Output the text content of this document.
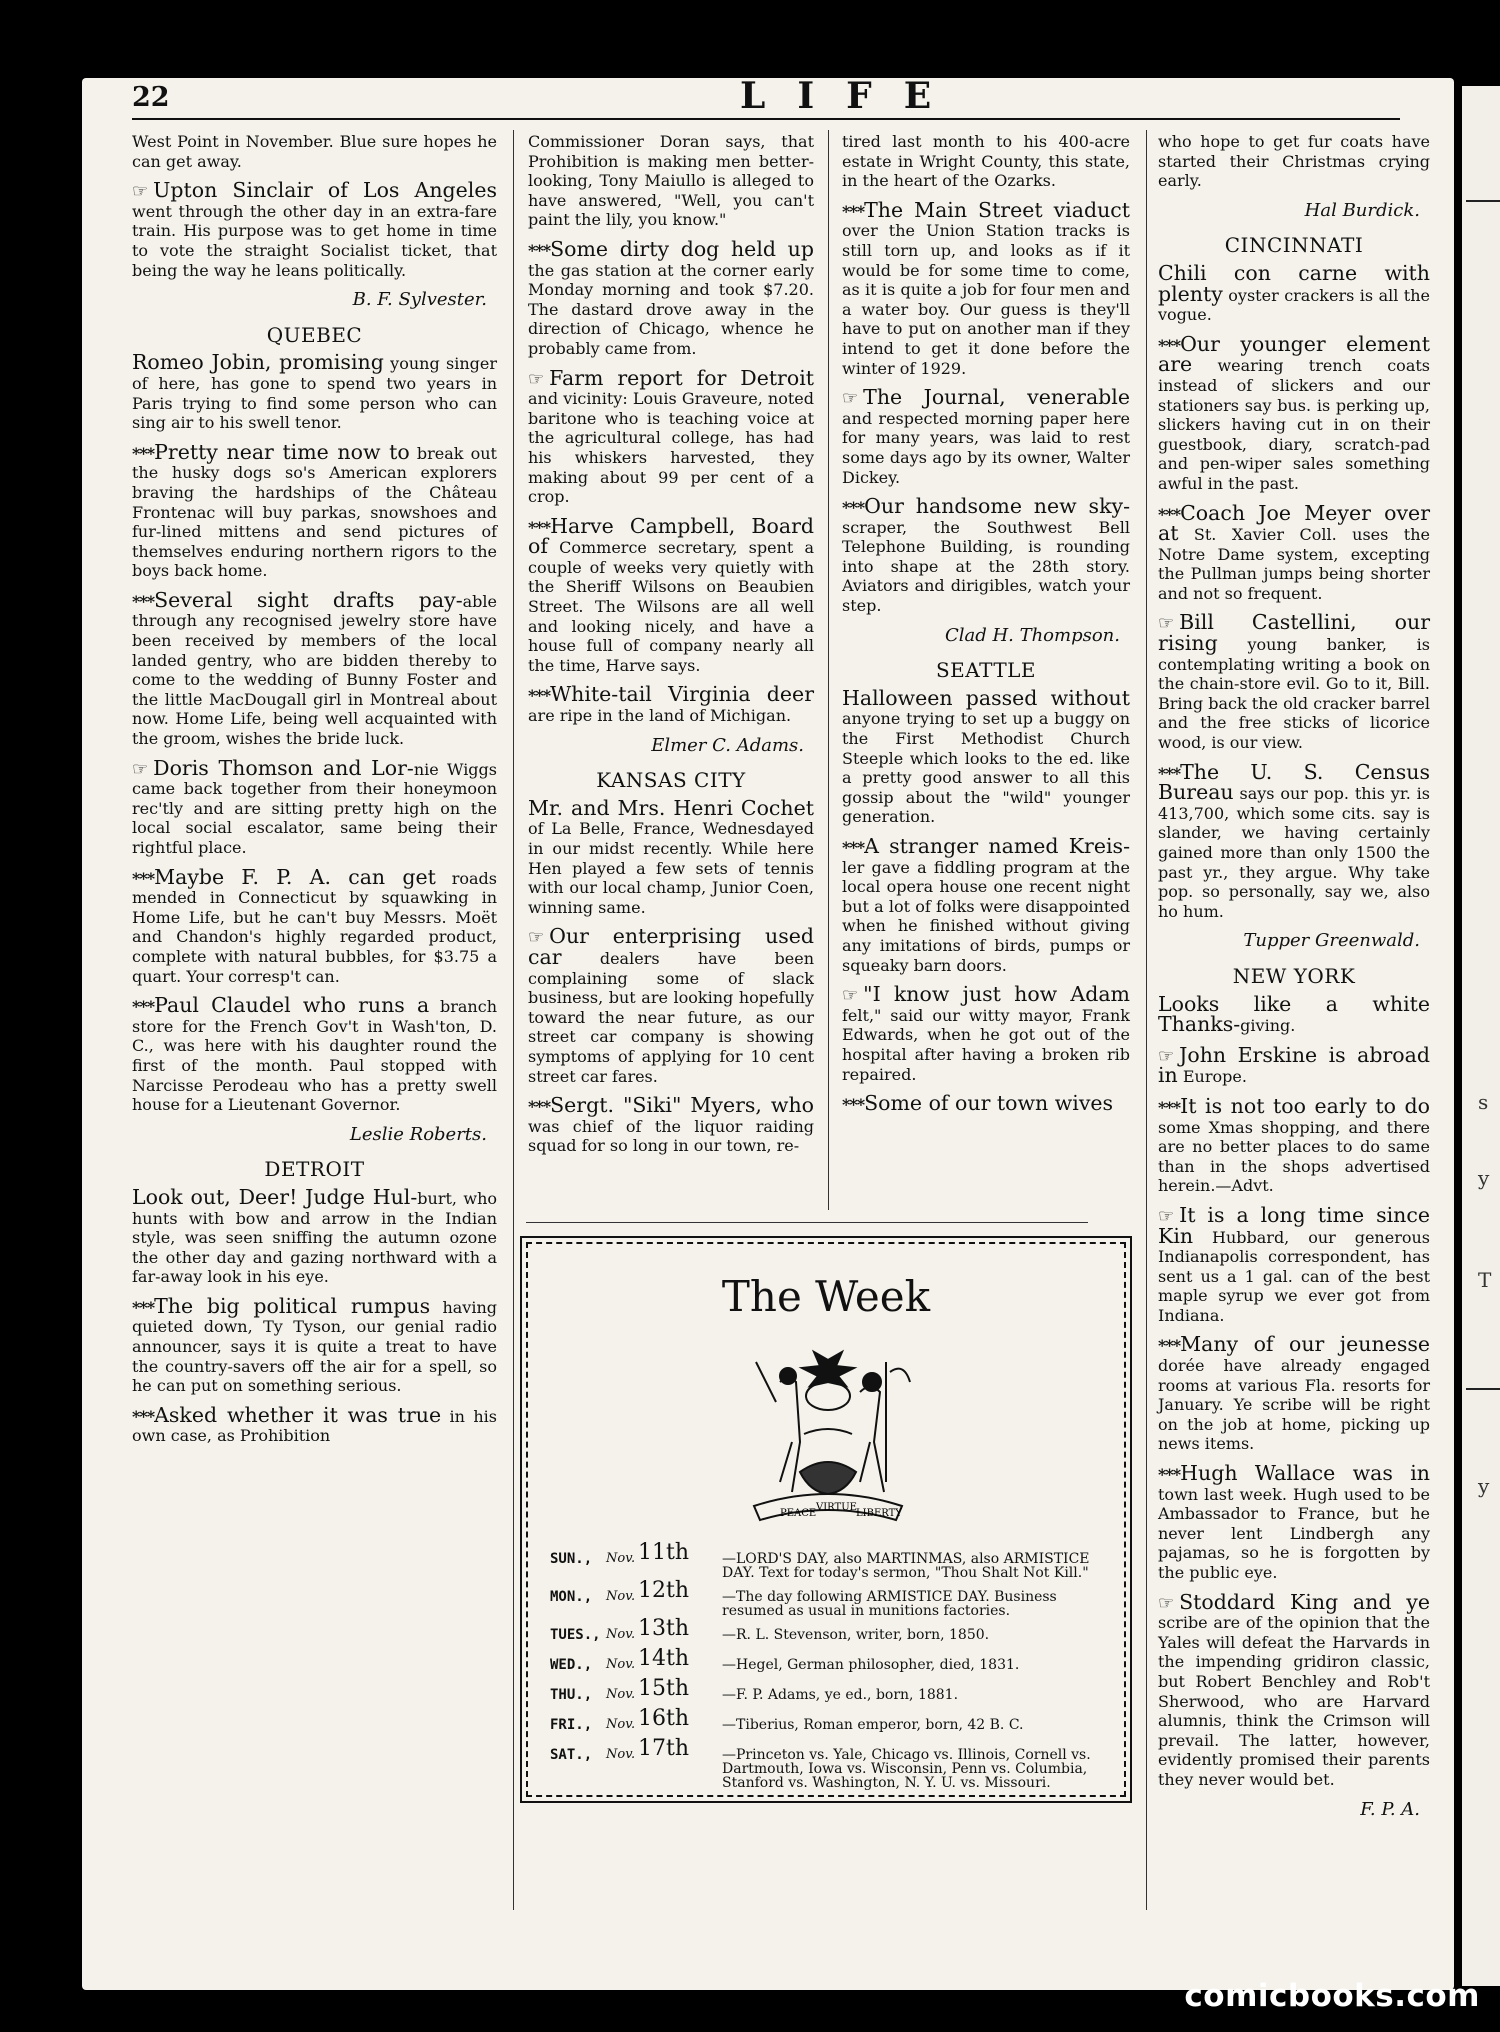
s
y
T
y
22	LIFE

West Point in November. Blue sure hopes he can get away.

☞ Upton Sinclair of Los Angeles went through the other day in an extra-fare train. His purpose was to get home in time to vote the straight Socialist ticket, that being the way he leans politically.

B. F. Sylvester.

QUEBEC

Romeo Jobin, promising young singer of here, has gone to spend two years in Paris trying to find some person who can sing air to his swell tenor.

***Pretty near time now to break out the husky dogs so's American explorers braving the hardships of the Château Frontenac will buy parkas, snowshoes and fur-lined mittens and send pictures of themselves enduring northern rigors to the boys back home.

***Several sight drafts pay-able through any recognised jewelry store have been received by members of the local landed gentry, who are bidden thereby to come to the wedding of Bunny Foster and the little MacDougall girl in Montreal about now. Home Life, being well acquainted with the groom, wishes the bride luck.

☞ Doris Thomson and Lor-nie Wiggs came back together from their honeymoon rec'tly and are sitting pretty high on the local social escalator, same being their rightful place.

***Maybe F. P. A. can get roads mended in Connecticut by squawking in Home Life, but he can't buy Messrs. Moët and Chandon's highly regarded product, complete with natural bubbles, for $3.75 a quart. Your corresp't can.

***Paul Claudel who runs a branch store for the French Gov't in Wash'ton, D. C., was here with his daughter round the first of the month. Paul stopped with Narcisse Perodeau who has a pretty swell house for a Lieutenant Governor.

Leslie Roberts.

DETROIT

Look out, Deer! Judge Hul-burt, who hunts with bow and arrow in the Indian style, was seen sniffing the autumn ozone the other day and gazing northward with a far-away look in his eye.

***The big political rumpus having quieted down, Ty Tyson, our genial radio announcer, says it is quite a treat to have the country-savers off the air for a spell, so he can put on something serious.

***Asked whether it was true in his own case, as Prohibition

Commissioner Doran says, that Prohibition is making men better-looking, Tony Maiullo is alleged to have answered, "Well, you can't paint the lily, you know."

***Some dirty dog held up the gas station at the corner early Monday morning and took $7.20. The dastard drove away in the direction of Chicago, whence he probably came from.

☞ Farm report for Detroit and vicinity: Louis Graveure, noted baritone who is teaching voice at the agricultural college, has had his whiskers harvested, they making about 99 per cent of a crop.

***Harve Campbell, Board of Commerce secretary, spent a couple of weeks very quietly with the Sheriff Wilsons on Beaubien Street. The Wilsons are all well and looking nicely, and have a house full of company nearly all the time, Harve says.

***White-tail Virginia deer are ripe in the land of Michigan.

Elmer C. Adams.

KANSAS CITY

Mr. and Mrs. Henri Cochet of La Belle, France, Wednesdayed in our midst recently. While here Hen played a few sets of tennis with our local champ, Junior Coen, winning same.

☞ Our enterprising used car dealers have been complaining some of slack business, but are looking hopefully toward the near future, as our street car company is showing symptoms of applying for 10 cent street car fares.

***Sergt. "Siki" Myers, who was chief of the liquor raiding squad for so long in our town, re-

tired last month to his 400-acre estate in Wright County, this state, in the heart of the Ozarks.

***The Main Street viaduct over the Union Station tracks is still torn up, and looks as if it would be for some time to come, as it is quite a job for four men and a water boy. Our guess is they'll have to put on another man if they intend to get it done before the winter of 1929.

☞ The Journal, venerable and respected morning paper here for many years, was laid to rest some days ago by its owner, Walter Dickey.

***Our handsome new sky-scraper, the Southwest Bell Telephone Building, is rounding into shape at the 28th story. Aviators and dirigibles, watch your step.

Clad H. Thompson.

SEATTLE

Halloween passed without anyone trying to set up a buggy on the First Methodist Church Steeple which looks to the ed. like a pretty good answer to all this gossip about the "wild" younger generation.

***A stranger named Kreis-ler gave a fiddling program at the local opera house one recent night but a lot of folks were disappointed when he finished without giving any imitations of birds, pumps or squeaky barn doors.

☞ "I know just how Adam felt," said our witty mayor, Frank Edwards, when he got out of the hospital after having a broken rib repaired.

***Some of our town wives

who hope to get fur coats have started their Christmas crying early.

Hal Burdick.

CINCINNATI

Chili con carne with plenty oyster crackers is all the vogue.

***Our younger element are wearing trench coats instead of slickers and our stationers say bus. is perking up, slickers having cut in on their guestbook, diary, scratch-pad and pen-wiper sales something awful in the past.

***Coach Joe Meyer over at St. Xavier Coll. uses the Notre Dame system, excepting the Pullman jumps being shorter and not so frequent.

☞ Bill Castellini, our rising young banker, is contemplating writing a book on the chain-store evil. Go to it, Bill. Bring back the old cracker barrel and the free sticks of licorice wood, is our view.

***The U. S. Census Bureau says our pop. this yr. is 413,700, which some cits. say is slander, we having certainly gained more than only 1500 the past yr., they argue. Why take pop. so personally, say we, also ho hum.

Tupper Greenwald.

NEW YORK

Looks like a white Thanks-giving.

☞ John Erskine is abroad in Europe.

***It is not too early to do some Xmas shopping, and there are no better places to do same than in the shops advertised herein.—Advt.

☞ It is a long time since Kin Hubbard, our generous Indianapolis correspondent, has sent us a 1 gal. can of the best maple syrup we ever got from Indiana.

***Many of our jeunesse dorée have already engaged rooms at various Fla. resorts for January. Ye scribe will be right on the job at home, picking up news items.

***Hugh Wallace was in town last week. Hugh used to be Ambassador to France, but he never lent Lindbergh any pajamas, so he is forgotten by the public eye.

☞ Stoddard King and ye scribe are of the opinion that the Yales will defeat the Harvards in the impending gridiron classic, but Robert Benchley and Rob't Sherwood, who are Harvard alumnis, think the Crimson will prevail. The latter, however, evidently promised their parents they never would bet.

F. P. A.

The Week
PEACE
VIRTUE
LIBERTY
SUN., Nov. 11th —LORD'S DAY, also MARTINMAS, also ARMISTICE DAY. Text for today's sermon, "Thou Shalt Not Kill."
MON., Nov. 12th —The day following ARMISTICE DAY. Business resumed as usual in munitions factories.
TUES., Nov. 13th —R. L. Stevenson, writer, born, 1850.
WED., Nov. 14th —Hegel, German philosopher, died, 1831.
THU., Nov. 15th —F. P. Adams, ye ed., born, 1881.
FRI., Nov. 16th —Tiberius, Roman emperor, born, 42 B. C.
SAT., Nov. 17th —Princeton vs. Yale, Chicago vs. Illinois, Cornell vs. Dartmouth, Iowa vs. Wisconsin, Penn vs. Columbia, Stanford vs. Washington, N. Y. U. vs. Missouri.
comicbooks.com
